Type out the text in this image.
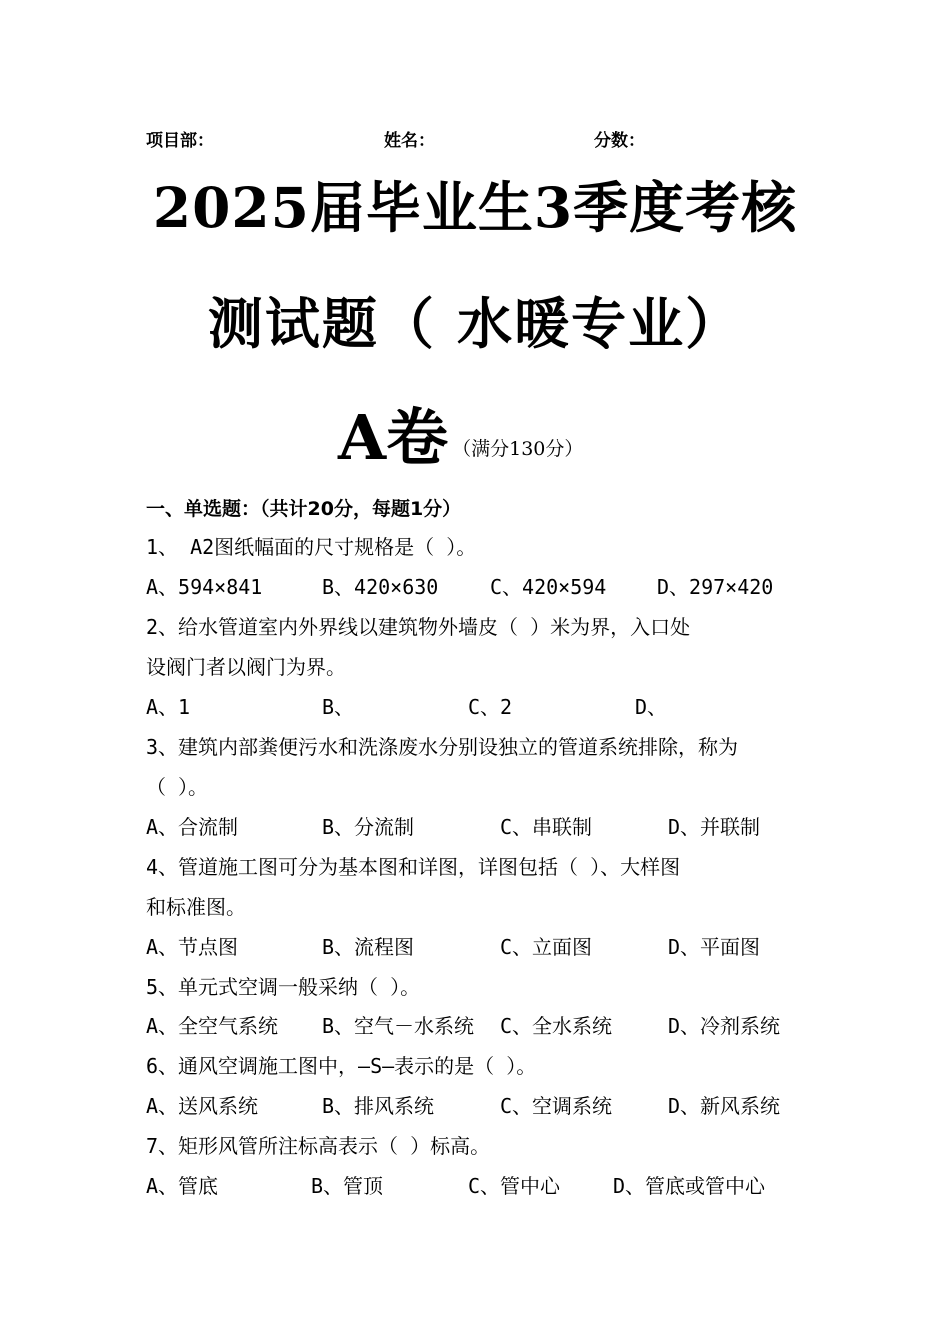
项目部：	姓名：	分数：
2025届毕业生3季度考核
测试题（ 水暖专业）
A卷 （满分130分）
一、单选题：（共计20分，每题1分）
1、 A2图纸幅面的尺寸规格是（ ）。
A、594×841	B、420×630	C、420×594	D、297×420
2、给水管道室内外界线以建筑物外墙皮（ ）米为界，入口处
设阀门者以阀门为界。
A、1	B、	C、2	D、
3、建筑内部粪便污水和洗涤废水分别设独立的管道系统排除，称为
（ ）。
A、合流制	B、分流制	C、串联制	D、并联制
4、管道施工图可分为基本图和详图，详图包括（ ）、大样图
和标准图。
A、节点图	B、流程图	C、立面图	D、平面图
5、单元式空调一般采纳（ ）。
A、全空气系统 B、空气－水系统 C、全水系统	D、冷剂系统
6、通风空调施工图中，—S—表示的是（ ）。
A、送风系统	B、排风系统	C、空调系统	D、新风系统
7、矩形风管所注标高表示（ ）标高。
A、管底	B、管顶	C、管中心	D、管底或管中心
